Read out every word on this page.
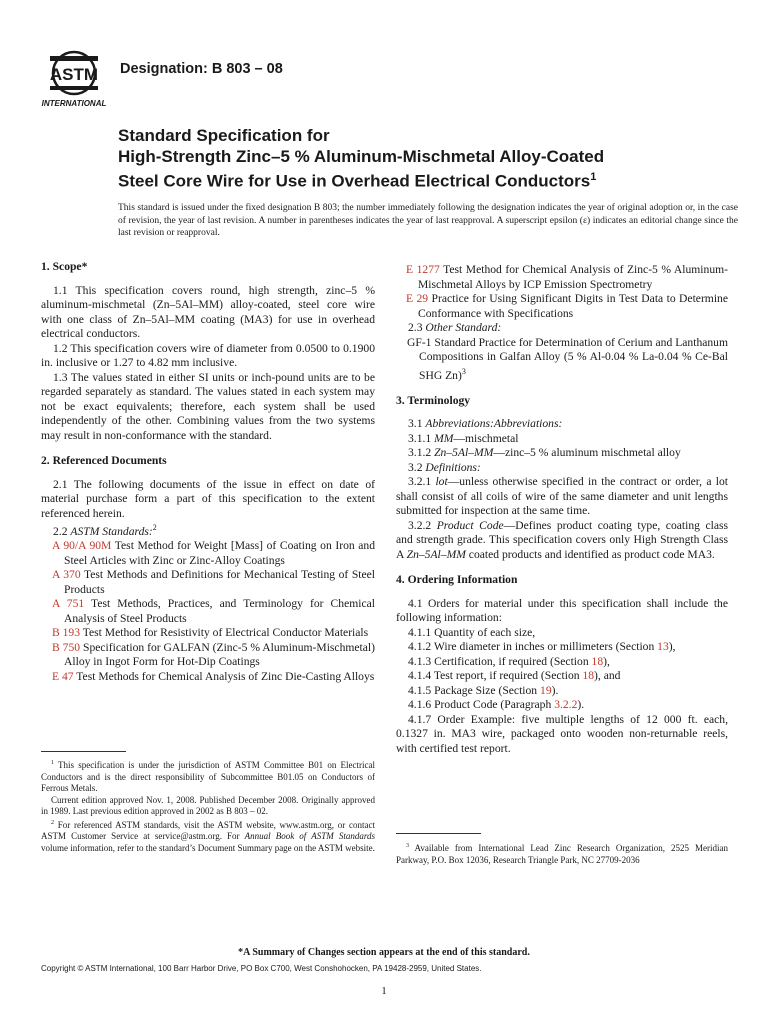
ASTM
INTERNATIONAL
Designation: B 803 – 08
Standard Specification for
High-Strength Zinc–5 % Aluminum-Mischmetal Alloy-Coated
Steel Core Wire for Use in Overhead Electrical Conductors$^1$
This standard is issued under the fixed designation B 803; the number immediately following the designation indicates the year of original adoption or, in the case of revision, the year of last revision. A number in parentheses indicates the year of last reapproval. A superscript epsilon (ε) indicates an editorial change since the last revision or reapproval.
1. Scope*

1.1 This specification covers round, high strength, zinc–5 % aluminum-mischmetal (Zn–5Al–MM) alloy-coated, steel core wire with one class of Zn–5Al–MM coating (MA3) for use in overhead electrical conductors.

1.2 This specification covers wire of diameter from 0.0500 to 0.1900 in. inclusive or 1.27 to 4.82 mm inclusive.

1.3 The values stated in either SI units or inch-pound units are to be regarded separately as standard. The values stated in each system may not be exact equivalents; therefore, each system shall be used independently of the other. Combining values from the two systems may result in non-conformance with the standard.

2. Referenced Documents

2.1 The following documents of the issue in effect on date of material purchase form a part of this specification to the extent referenced herein.

2.2 ASTM Standards:$^2$

A 90/A 90M Test Method for Weight [Mass] of Coating on Iron and Steel Articles with Zinc or Zinc-Alloy Coatings

A 370 Test Methods and Definitions for Mechanical Testing of Steel Products

A 751 Test Methods, Practices, and Terminology for Chemical Analysis of Steel Products

B 193 Test Method for Resistivity of Electrical Conductor Materials

B 750 Specification for GALFAN (Zinc-5 % Aluminum-Mischmetal) Alloy in Ingot Form for Hot-Dip Coatings

E 47 Test Methods for Chemical Analysis of Zinc Die-Casting Alloys

$^1$ This specification is under the jurisdiction of ASTM Committee B01 on Electrical Conductors and is the direct responsibility of Subcommittee B01.05 on Conductors of Ferrous Metals.

Current edition approved Nov. 1, 2008. Published December 2008. Originally approved in 1989. Last previous edition approved in 2002 as B 803 – 02.

$^2$ For referenced ASTM standards, visit the ASTM website, www.astm.org, or contact ASTM Customer Service at service@astm.org. For Annual Book of ASTM Standards volume information, refer to the standard’s Document Summary page on the ASTM website.

E 1277 Test Method for Chemical Analysis of Zinc-5 % Aluminum-Mischmetal Alloys by ICP Emission Spectrometry

E 29 Practice for Using Significant Digits in Test Data to Determine Conformance with Specifications

2.3 Other Standard:

GF-1 Standard Practice for Determination of Cerium and Lanthanum Compositions in Galfan Alloy (5 % Al-0.04 % La-0.04 % Ce-Bal SHG Zn)$^3$

3. Terminology

3.1 Abbreviations:Abbreviations:

3.1.1 MM—mischmetal

3.1.2 Zn–5Al–MM—zinc–5 % aluminum mischmetal alloy

3.2 Definitions:

3.2.1 lot—unless otherwise specified in the contract or order, a lot shall consist of all coils of wire of the same diameter and unit lengths submitted for inspection at the same time.

3.2.2 Product Code—Defines product coating type, coating class and strength grade. This specification covers only High Strength Class A Zn–5Al–MM coated products and identified as product code MA3.

4. Ordering Information

4.1 Orders for material under this specification shall include the following information:

4.1.1 Quantity of each size,

4.1.2 Wire diameter in inches or millimeters (Section 13),

4.1.3 Certification, if required (Section 18),

4.1.4 Test report, if required (Section 18), and

4.1.5 Package Size (Section 19).

4.1.6 Product Code (Paragraph 3.2.2).

4.1.7 Order Example: five multiple lengths of 12 000 ft. each, 0.1327 in. MA3 wire, packaged onto wooden non-returnable reels, with certified test report.

$^3$ Available from International Lead Zinc Research Organization, 2525 Meridian Parkway, P.O. Box 12036, Research Triangle Park, NC 27709-2036

*A Summary of Changes section appears at the end of this standard.
Copyright © ASTM International, 100 Barr Harbor Drive, PO Box C700, West Conshohocken, PA 19428-2959, United States.
1
